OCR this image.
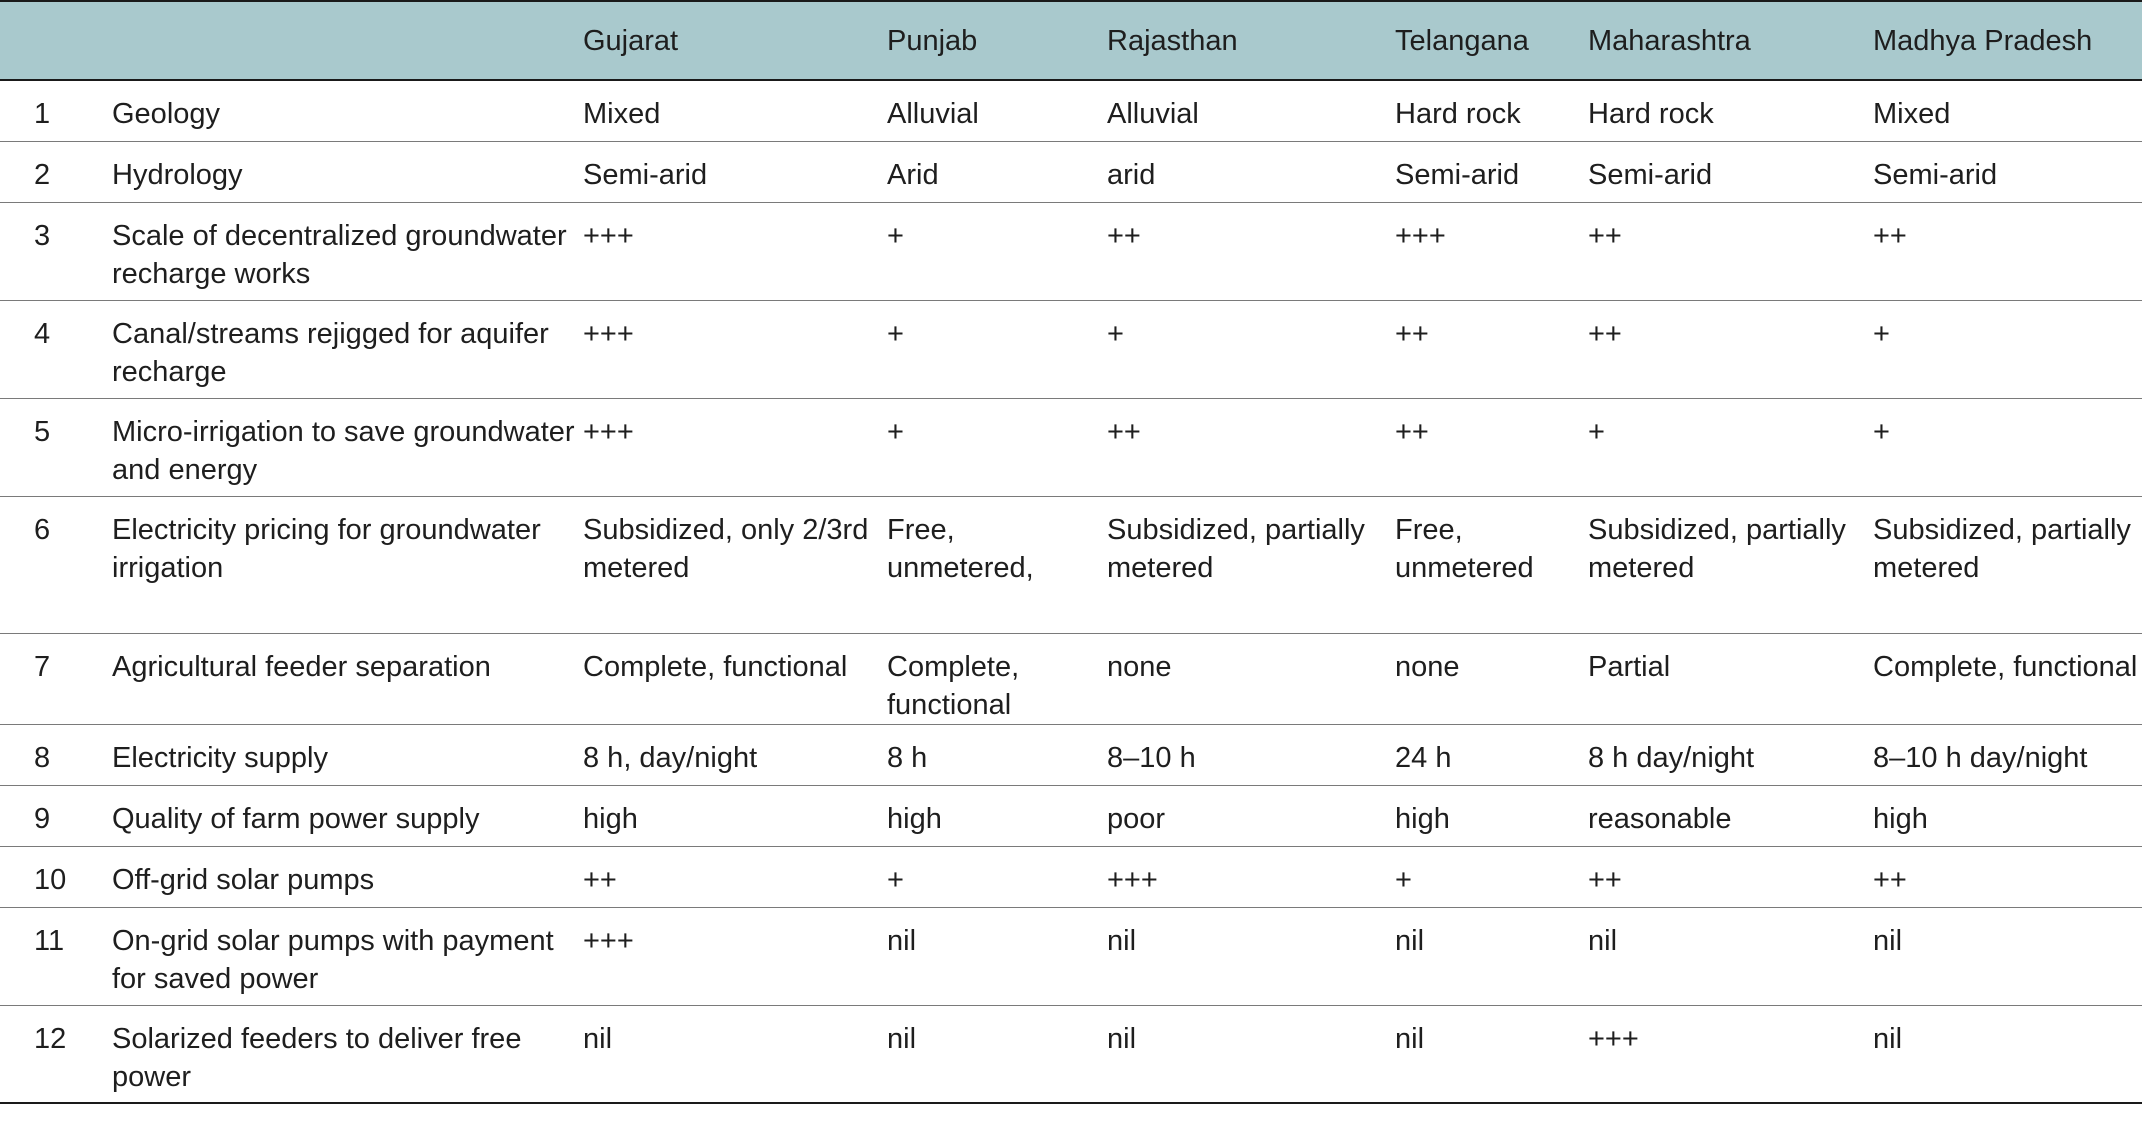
		Gujarat	Punjab	Rajasthan	Telangana	Maharashtra	Madhya Pradesh
1	Geology	Mixed	Alluvial	Alluvial	Hard rock	Hard rock	Mixed
2	Hydrology	Semi-arid	Arid	arid	Semi-arid	Semi-arid	Semi-arid
3	Scale of decentralized groundwater recharge works	+++	+	++	+++	++	++
4	Canal/streams rejigged for aquifer recharge	+++	+	+	++	++	+
5	Micro-irrigation to save groundwater and energy	+++	+	++	++	+	+
6	Electricity pricing for groundwater irrigation	Subsidized, only 2/3rd metered	Free, unmetered,	Subsidized, partially metered	Free, unmetered	Subsidized, partially metered	Subsidized, partially metered
7	Agricultural feeder separation	Complete, functional	Complete, functional	none	none	Partial	Complete, functional
8	Electricity supply	8 h, day/night	8 h	8–10 h	24 h	8 h day/night	8–10 h day/night
9	Quality of farm power supply	high	high	poor	high	reasonable	high
10	Off-grid solar pumps	++	+	+++	+	++	++
11	On-grid solar pumps with payment for saved power	+++	nil	nil	nil	nil	nil
12	Solarized feeders to deliver free power	nil	nil	nil	nil	+++	nil
